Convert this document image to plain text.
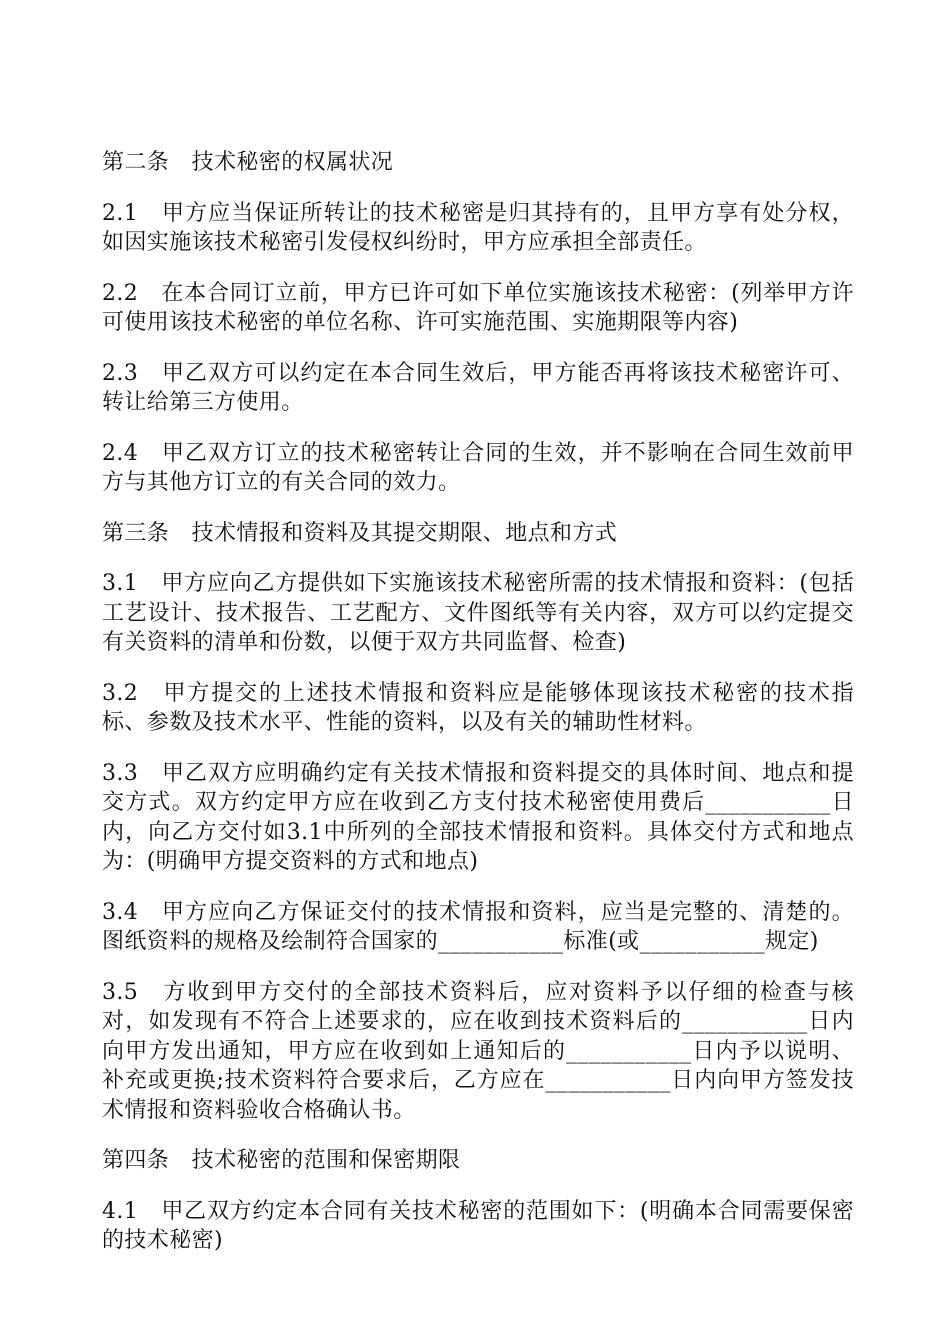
第二条　技术秘密的权属状况

2.1　甲方应当保证所转让的技术秘密是归其持有的，且甲方享有处分权，如因实施该技术秘密引发侵权纠纷时，甲方应承担全部责任。

2.2　在本合同订立前，甲方已许可如下单位实施该技术秘密：(列举甲方许可使用该技术秘密的单位名称、许可实施范围、实施期限等内容)

2.3　甲乙双方可以约定在本合同生效后，甲方能否再将该技术秘密许可、转让给第三方使用。

2.4　甲乙双方订立的技术秘密转让合同的生效，并不影响在合同生效前甲方与其他方订立的有关合同的效力。

第三条　技术情报和资料及其提交期限、地点和方式

3.1　甲方应向乙方提供如下实施该技术秘密所需的技术情报和资料：(包括工艺设计、技术报告、工艺配方、文件图纸等有关内容，双方可以约定提交有关资料的清单和份数，以便于双方共同监督、检查)

3.2　甲方提交的上述技术情报和资料应是能够体现该技术秘密的技术指标、参数及技术水平、性能的资料，以及有关的辅助性材料。

3.3　甲乙双方应明确约定有关技术情报和资料提交的具体时间、地点和提交方式。双方约定甲方应在收到乙方支付技术秘密使用费后___________日内，向乙方交付如3.1中所列的全部技术情报和资料。具体交付方式和地点为：(明确甲方提交资料的方式和地点)

3.4　甲方应向乙方保证交付的技术情报和资料，应当是完整的、清楚的。图纸资料的规格及绘制符合国家的___________标准(或___________规定)

3.5　方收到甲方交付的全部技术资料后，应对资料予以仔细的检查与核对，如发现有不符合上述要求的，应在收到技术资料后的___________日内向甲方发出通知，甲方应在收到如上通知后的___________日内予以说明、补充或更换;技术资料符合要求后，乙方应在___________日内向甲方签发技术情报和资料验收合格确认书。

第四条　技术秘密的范围和保密期限

4.1　甲乙双方约定本合同有关技术秘密的范围如下：(明确本合同需要保密的技术秘密)
